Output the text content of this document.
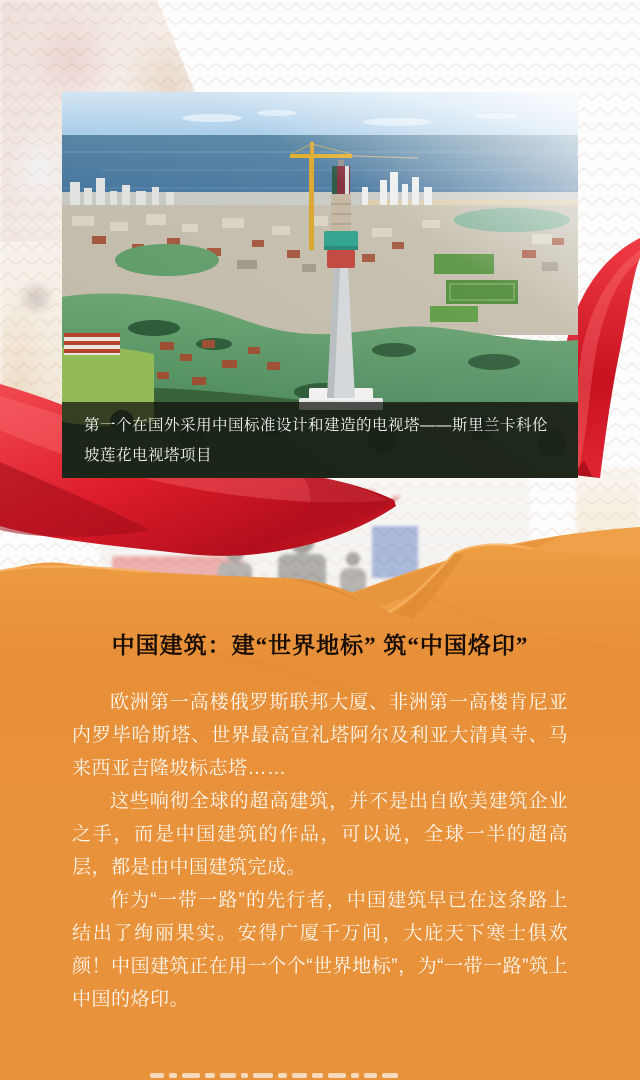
第一个在国外采用中国标准设计和建造的电视塔——斯里兰卡科伦坡莲花电视塔项目
中国建筑：建“世界地标” 筑“中国烙印”

欧洲第一高楼俄罗斯联邦大厦、非洲第一高楼肯尼亚内罗毕哈斯塔、世界最高宣礼塔阿尔及利亚大清真寺、马来西亚吉隆坡标志塔……

这些响彻全球的超高建筑，并不是出自欧美建筑企业之手，而是中国建筑的作品，可以说，全球一半的超高层，都是由中国建筑完成。

作为“一带一路”的先行者，中国建筑早已在这条路上结出了绚丽果实。安得广厦千万间，大庇天下寒士俱欢颜！中国建筑正在用一个个“世界地标”，为“一带一路”筑上中国的烙印。
